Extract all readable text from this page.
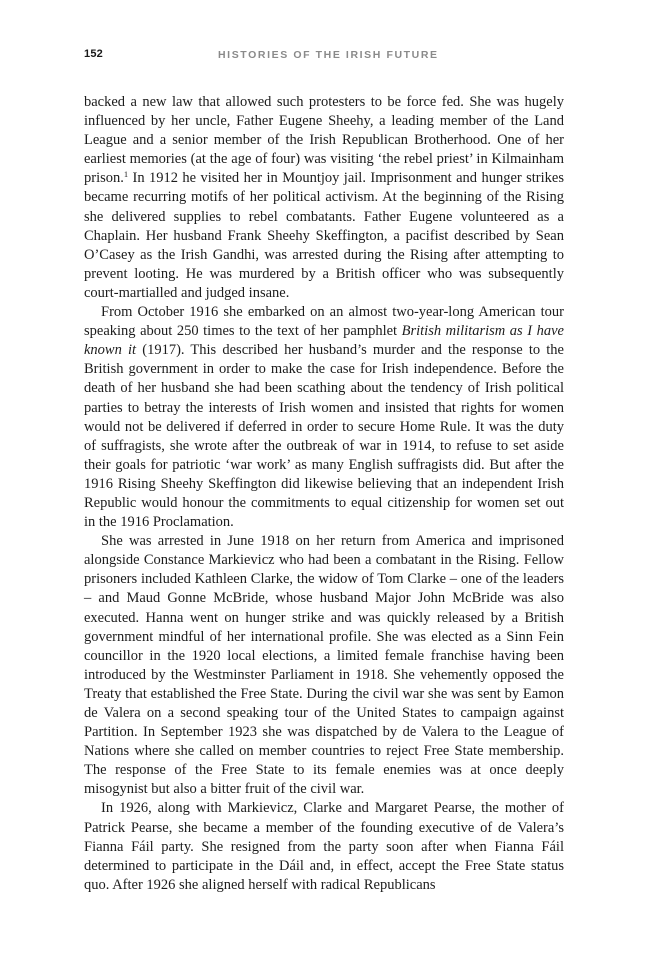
152	HISTORIES OF THE IRISH FUTURE

backed a new law that allowed such protesters to be force fed. She was hugely influenced by her uncle, Father Eugene Sheehy, a leading member of the Land League and a senior member of the Irish Republican Brotherhood. One of her earliest memories (at the age of four) was visiting ‘the rebel priest’ in Kilmainham prison.$^1$ In 1912 he visited her in Mountjoy jail. Imprisonment and hunger strikes became recurring motifs of her political activism. At the beginning of the Rising she delivered supplies to rebel combatants. Father Eugene volunteered as a Chaplain. Her husband Frank Sheehy Skeffington, a pacifist described by Sean O’Casey as the Irish Gandhi, was arrested during the Rising after attempting to prevent looting. He was murdered by a British officer who was subsequently court-martialled and judged insane.

From October 1916 she embarked on an almost two-year-long American tour speaking about 250 times to the text of her pamphlet British militarism as I have known it (1917). This described her husband’s murder and the response to the British government in order to make the case for Irish independence. Before the death of her husband she had been scathing about the tendency of Irish political parties to betray the interests of Irish women and insisted that rights for women would not be delivered if deferred in order to secure Home Rule. It was the duty of suffragists, she wrote after the outbreak of war in 1914, to refuse to set aside their goals for patriotic ‘war work’ as many English suffragists did. But after the 1916 Rising Sheehy Skeffington did likewise believing that an independent Irish Republic would honour the commitments to equal citizenship for women set out in the 1916 Proclamation.

She was arrested in June 1918 on her return from America and imprisoned alongside Constance Markievicz who had been a combatant in the Rising. Fellow prisoners included Kathleen Clarke, the widow of Tom Clarke – one of the leaders – and Maud Gonne McBride, whose husband Major John McBride was also executed. Hanna went on hunger strike and was quickly released by a British government mindful of her international profile. She was elected as a Sinn Fein councillor in the 1920 local elections, a limited female franchise having been introduced by the Westminster Parliament in 1918. She vehemently opposed the Treaty that established the Free State. During the civil war she was sent by Eamon de Valera on a second speaking tour of the United States to campaign against Partition. In September 1923 she was dispatched by de Valera to the League of Nations where she called on member countries to reject Free State membership. The response of the Free State to its female enemies was at once deeply misogynist but also a bitter fruit of the civil war.

In 1926, along with Markievicz, Clarke and Margaret Pearse, the mother of Patrick Pearse, she became a member of the founding executive of de Valera’s Fianna Fáil party. She resigned from the party soon after when Fianna Fáil determined to participate in the Dáil and, in effect, accept the Free State status quo. After 1926 she aligned herself with radical Republicans
